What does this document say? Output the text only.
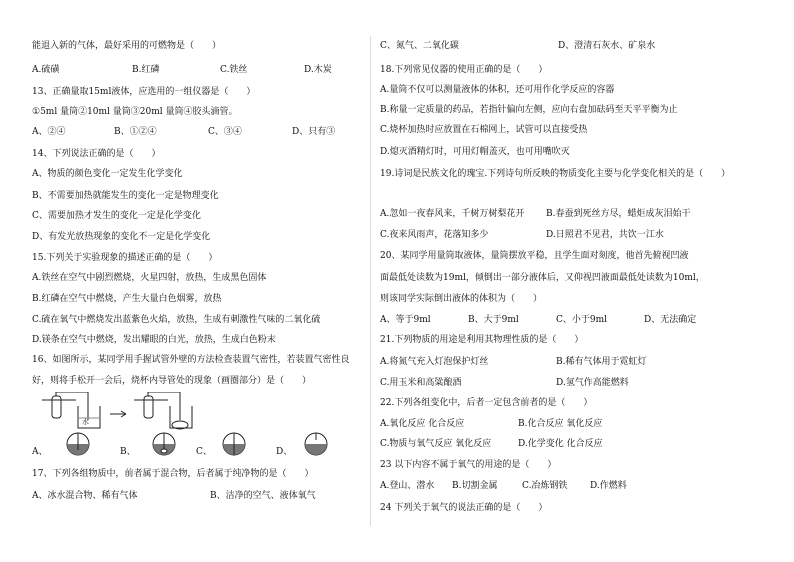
能退入新的气体，最好采用的可燃物是（　　）
A.硫磺	B.红磷	C.铁丝	D.木炭
13、正确量取15ml液体，应选用的一组仪器是（　　）
①5ml 量筒②10ml 量筒③20ml 量筒④胶头滴管。
A、②④	B、①②④	C、③④	D、只有③
14、下列说法正确的是（　　）
A、物质的颜色变化一定发生化学变化
B、不需要加热就能发生的变化一定是物理变化
C、需要加热才发生的变化一定是化学变化
D、有发光放热现象的变化不一定是化学变化
15.下列关于实验现象的描述正确的是（　　）
A.铁丝在空气中剧烈燃烧，火星四射，放热，生成黑色固体
B.红磷在空气中燃烧，产生大量白色烟雾，放热
C.硫在氧气中燃烧发出蓝紫色火焰，放热，生成有刺激性气味的二氧化硫
D.镁条在空气中燃烧，发出耀眼的白光，放热，生成白色粉末
16、如图所示，某同学用手握试管外壁的方法检查装置气密性，若装置气密性良
好，则将手松开一会后，烧杯内导管处的现象（画圈部分）是（　　）
水
A、	B、	C、	D、
17、下列各组物质中，前者属于混合物，后者属于纯净物的是（　　）
A、冰水混合物、稀有气体	B、洁净的空气、液体氧气
C、氮气、二氧化碳	D、澄清石灰水、矿泉水
18.下列常见仪器的使用正确的是（　　）
A.量筒不仅可以测量液体的体积，还可用作化学反应的容器
B.称量一定质量的药品，若指针偏向左侧，应向右盘加砝码至天平平衡为止
C.烧杯加热时应放置在石棉网上，试管可以直接受热
D.熄灭酒精灯时，可用灯帽盖灭，也可用嘴吹灭
19.诗词是民族文化的瑰宝.下列诗句所反映的物质变化主要与化学变化相关的是（　　）
A.忽如一夜春风来，千树万树梨花开 B.春蚕到死丝方尽，蜡炬成灰泪始干
C.夜来风雨声，花落知多少	D.日照君不见君，共饮一江水
20、某同学用量筒取液体，量筒摆放平稳，且学生面对刻度，他首先俯视凹液
面最低处读数为19ml，倾倒出一部分液体后，又仰视凹液面最低处读数为10ml，
则该同学实际倒出液体的体积为（　　）
A、等于9ml	B、大于9ml	C、小于9ml	D、无法确定
21.下列物质的用途是利用其物理性质的是（　　）
A.将氮气充入灯泡保护灯丝	B.稀有气体用于霓虹灯
C.用玉米和高粱酿酒	D.氢气作高能燃料
22.下列各组变化中，后者一定包含前者的是（　　）
A.氧化反应 化合反应	B.化合反应 氧化反应
C.物质与氧气反应 氧化反应	D.化学变化 化合反应
23 以下内容不属于氧气的用途的是（　　）
A.登山、潜水 B.切割金属	C.冶炼钢铁	D.作燃料
24 下列关于氧气的说法正确的是（　　）
